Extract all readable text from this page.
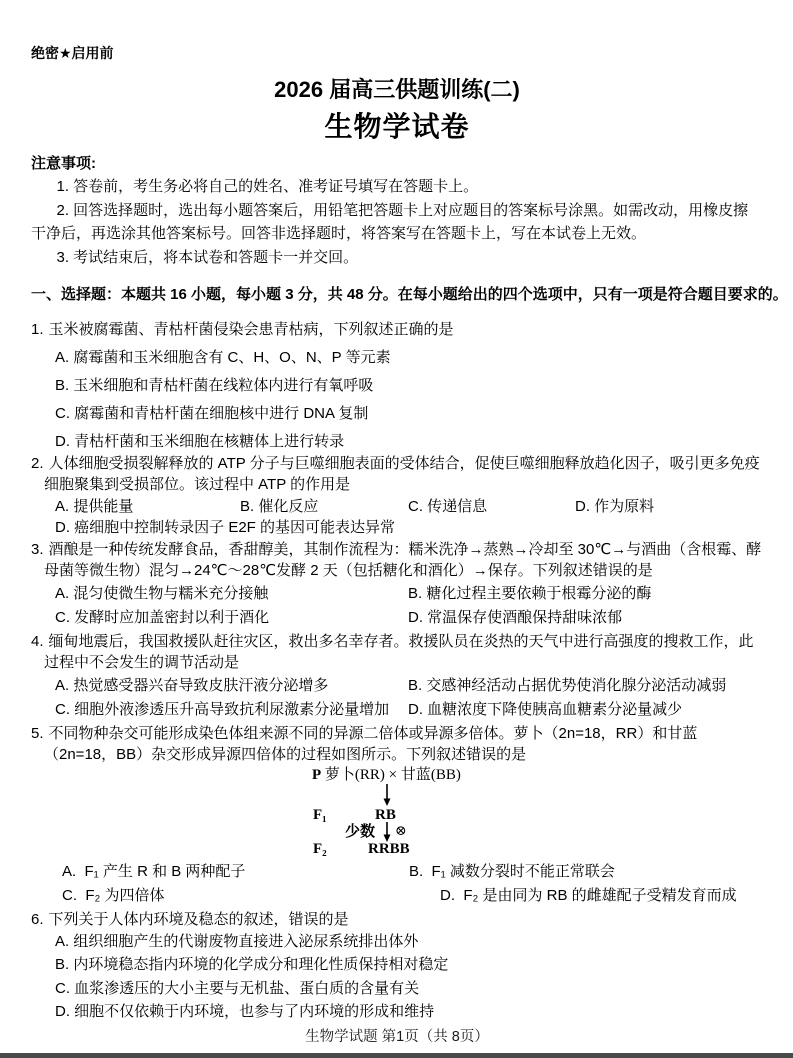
绝密★启用前
2026 届高三供题训练(二)
生物学试卷
注意事项:

1. 答卷前，考生务必将自己的姓名、准考证号填写在答题卡上。

2. 回答选择题时，选出每小题答案后，用铅笔把答题卡上对应题目的答案标号涂黑。如需改动，用橡皮擦干净后，再选涂其他答案标号。回答非选择题时，将答案写在答题卡上，写在本试卷上无效。

3. 考试结束后，将本试卷和答题卡一并交回。

一、选择题：本题共 16 小题，每小题 3 分，共 48 分。在每小题给出的四个选项中，只有一项是符合题目要求的。

1. 玉米被腐霉菌、青枯杆菌侵染会患青枯病，下列叙述正确的是

A. 腐霉菌和玉米细胞含有 C、H、O、N、P 等元素

B. 玉米细胞和青枯杆菌在线粒体内进行有氧呼吸

C. 腐霉菌和青枯杆菌在细胞核中进行 DNA 复制

D. 青枯杆菌和玉米细胞在核糖体上进行转录

2. 人体细胞受损裂解释放的 ATP 分子与巨噬细胞表面的受体结合，促使巨噬细胞释放趋化因子，吸引更多免疫细胞聚集到受损部位。该过程中 ATP 的作用是

A. 提供能量	B. 催化反应	C. 传递信息	D. 作为原料

D. 癌细胞中控制转录因子 E2F 的基因可能表达异常

3. 酒酿是一种传统发酵食品，香甜醇美，其制作流程为：糯米洗净→蒸熟→冷却至 30℃→与酒曲（含根霉、酵母菌等微生物）混匀→24℃～28℃发酵 2 天（包括糖化和酒化）→保存。下列叙述错误的是

A. 混匀使微生物与糯米充分接触	B. 糖化过程主要依赖于根霉分泌的酶
C. 发酵时应加盖密封以利于酒化	D. 常温保存使酒酿保持甜味浓郁

4. 缅甸地震后，我国救援队赶往灾区，救出多名幸存者。救援队员在炎热的天气中进行高强度的搜救工作，此过程中不会发生的调节活动是

A. 热觉感受器兴奋导致皮肤汗液分泌增多	B. 交感神经活动占据优势使消化腺分泌活动减弱
C. 细胞外液渗透压升高导致抗利尿激素分泌量增加	D. 血糖浓度下降使胰高血糖素分泌量减少

5. 不同物种杂交可能形成染色体组来源不同的异源二倍体或异源多倍体。萝卜（2n=18，RR）和甘蓝（2n=18，BB）杂交形成异源四倍体的过程如图所示。下列叙述错误的是

P 萝卜(RR) × 甘蓝(BB)
F₁	RB
少数 ⊗
F₂	RRBB
A.  F₁ 产生 R 和 B 两种配子	B.  F₁ 减数分裂时不能正常联会
C.  F₂ 为四倍体	D.  F₂ 是由同为 RB 的雌雄配子受精发育而成

6. 下列关于人体内环境及稳态的叙述，错误的是

A. 组织细胞产生的代谢废物直接进入泌尿系统排出体外

B. 内环境稳态指内环境的化学成分和理化性质保持相对稳定

C. 血浆渗透压的大小主要与无机盐、蛋白质的含量有关

D. 细胞不仅依赖于内环境，也参与了内环境的形成和维持

生物学试题 第1页（共 8页）
